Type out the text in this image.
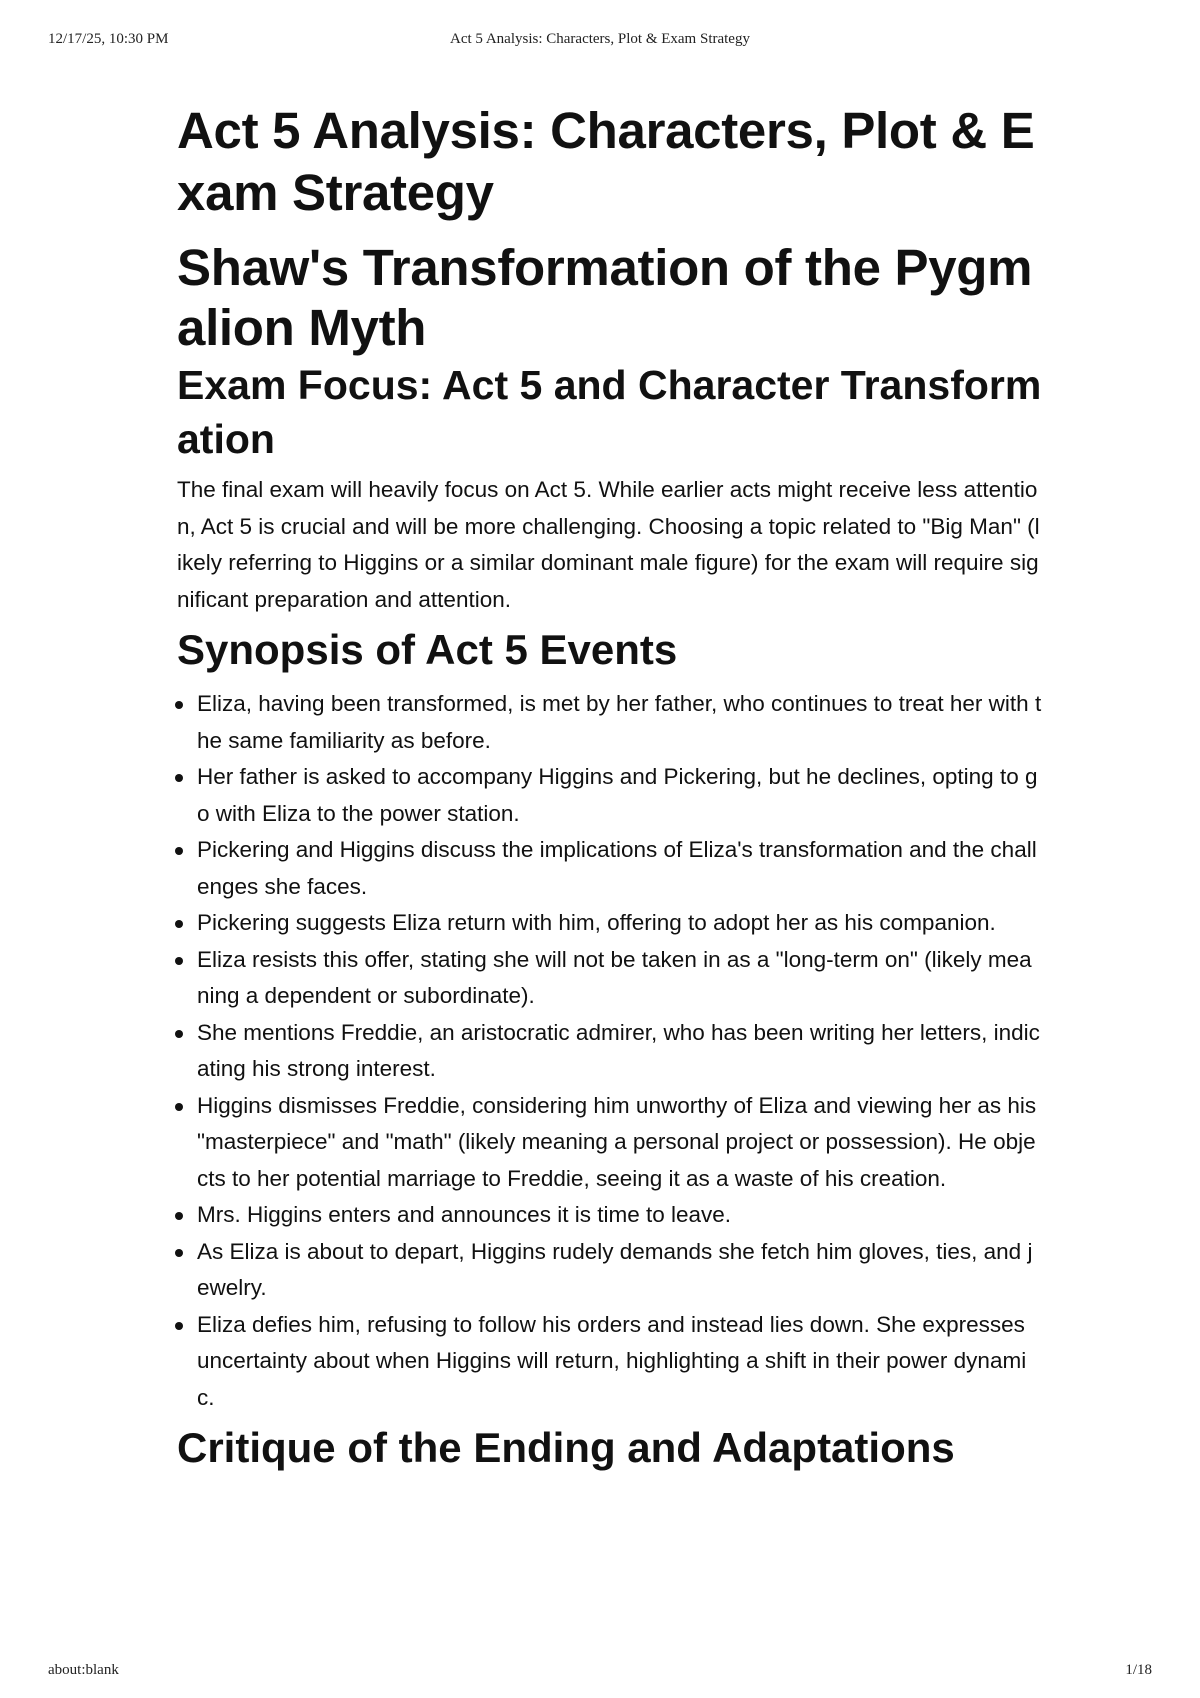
12/17/25, 10:30 PM	Act 5 Analysis: Characters, Plot & Exam Strategy
Act 5 Analysis: Characters, Plot & Exam Strategy
Shaw's Transformation of the Pygmalion Myth
Exam Focus: Act 5 and Character Transformation

The final exam will heavily focus on Act 5. While earlier acts might receive less attention, Act 5 is crucial and will be more challenging. Choosing a topic related to "Big Man" (likely referring to Higgins or a similar dominant male figure) for the exam will require significant preparation and attention.

Synopsis of Act 5 Events
Eliza, having been transformed, is met by her father, who continues to treat her with the same familiarity as before.
Her father is asked to accompany Higgins and Pickering, but he declines, opting to go with Eliza to the power station.
Pickering and Higgins discuss the implications of Eliza's transformation and the challenges she faces.
Pickering suggests Eliza return with him, offering to adopt her as his companion.
Eliza resists this offer, stating she will not be taken in as a "long-term on" (likely meaning a dependent or subordinate).
She mentions Freddie, an aristocratic admirer, who has been writing her letters, indicating his strong interest.
Higgins dismisses Freddie, considering him unworthy of Eliza and viewing her as his "masterpiece" and "math" (likely meaning a personal project or possession). He objects to her potential marriage to Freddie, seeing it as a waste of his creation.
Mrs. Higgins enters and announces it is time to leave.
As Eliza is about to depart, Higgins rudely demands she fetch him gloves, ties, and jewelry.
Eliza defies him, refusing to follow his orders and instead lies down. She expresses uncertainty about when Higgins will return, highlighting a shift in their power dynamic.
Critique of the Ending and Adaptations
about:blank	1/18
